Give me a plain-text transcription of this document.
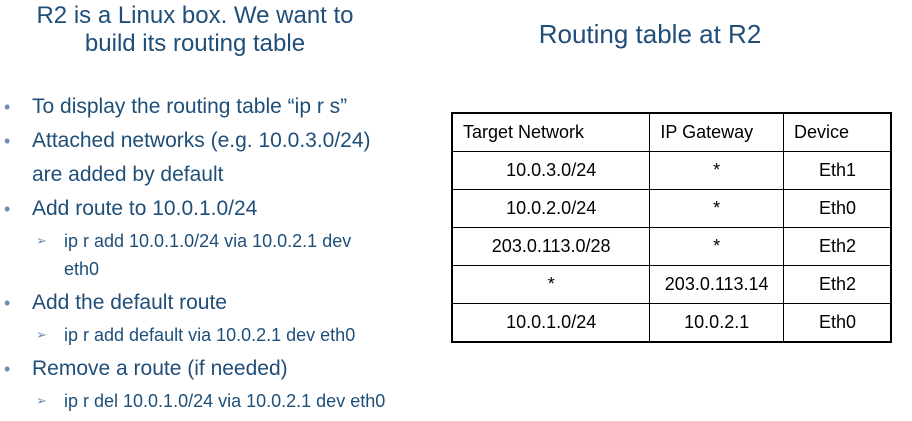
R2 is a Linux box. We want to
build its routing table	Routing table at R2
• To display the routing table “ip r s”
• Attached networks (e.g. 10.0.3.0/24)
are added by default
• Add route to 10.0.1.0/24
➢ ip r add 10.0.1.0/24 via 10.0.2.1 dev
eth0
• Add the default route
➢ ip r add default via 10.0.2.1 dev eth0
• Remove a route (if needed)
➢ ip r del 10.0.1.0/24 via 10.0.2.1 dev eth0
Target Network	IP Gateway	Device
10.0.3.0/24	*	Eth1
10.0.2.0/24	*	Eth0
203.0.113.0/28	*	Eth2
*	203.0.113.14	Eth2
10.0.1.0/24	10.0.2.1	Eth0
